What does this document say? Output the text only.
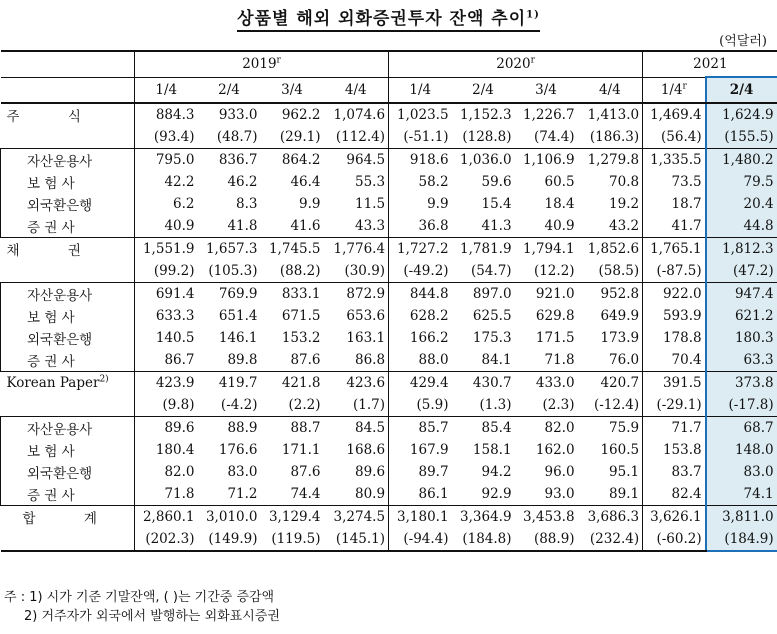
상품별 해외 외화증권투자 잔액 추이$^{1)}$
(억달러)
	2019$^r$				2020$^r$				2021	
	1/4	2/4	3/4	4/4	1/4	2/4	3/4	4/4	1/4$^r$	2/4
주 식	884.3	933.0	962.2	1,074.6	1,023.5	1,152.3	1,226.7	1,413.0	1,469.4	1,624.9
	(93.4)	(48.7)	(29.1)	(112.4)	(-51.1)	(128.8)	(74.4)	(186.3)	(56.4)	(155.5)
자산운용사	795.0	836.7	864.2	964.5	918.6	1,036.0	1,106.9	1,279.8	1,335.5	1,480.2
보 험 사	42.2	46.2	46.4	55.3	58.2	59.6	60.5	70.8	73.5	79.5
외국환은행	6.2	8.3	9.9	11.5	9.9	15.4	18.4	19.2	18.7	20.4
증 권 사	40.9	41.8	41.6	43.3	36.8	41.3	40.9	43.2	41.7	44.8
채 권	1,551.9	1,657.3	1,745.5	1,776.4	1,727.2	1,781.9	1,794.1	1,852.6	1,765.1	1,812.3
	(99.2)	(105.3)	(88.2)	(30.9)	(-49.2)	(54.7)	(12.2)	(58.5)	(-87.5)	(47.2)
자산운용사	691.4	769.9	833.1	872.9	844.8	897.0	921.0	952.8	922.0	947.4
보 험 사	633.3	651.4	671.5	653.6	628.2	625.5	629.8	649.9	593.9	621.2
외국환은행	140.5	146.1	153.2	163.1	166.2	175.3	171.5	173.9	178.8	180.3
증 권 사	86.7	89.8	87.6	86.8	88.0	84.1	71.8	76.0	70.4	63.3
Korean Paper$^{2)}$	423.9	419.7	421.8	423.6	429.4	430.7	433.0	420.7	391.5	373.8
	(9.8)	(-4.2)	(2.2)	(1.7)	(5.9)	(1.3)	(2.3)	(-12.4)	(-29.1)	(-17.8)
자산운용사	89.6	88.9	88.7	84.5	85.7	85.4	82.0	75.9	71.7	68.7
보 험 사	180.4	176.6	171.1	168.6	167.9	158.1	162.0	160.5	153.8	148.0
외국환은행	82.0	83.0	87.6	89.6	89.7	94.2	96.0	95.1	83.7	83.0
증 권 사	71.8	71.2	74.4	80.9	86.1	92.9	93.0	89.1	82.4	74.1
합 계	2,860.1	3,010.0	3,129.4	3,274.5	3,180.1	3,364.9	3,453.8	3,686.3	3,626.1	3,811.0
	(202.3)	(149.9)	(119.5)	(145.1)	(-94.4)	(184.8)	(88.9)	(232.4)	(-60.2)	(184.9)
주 : 1) 시가 기준 기말잔액, ( )는 기간중 증감액
2) 거주자가 외국에서 발행하는 외화표시증권
